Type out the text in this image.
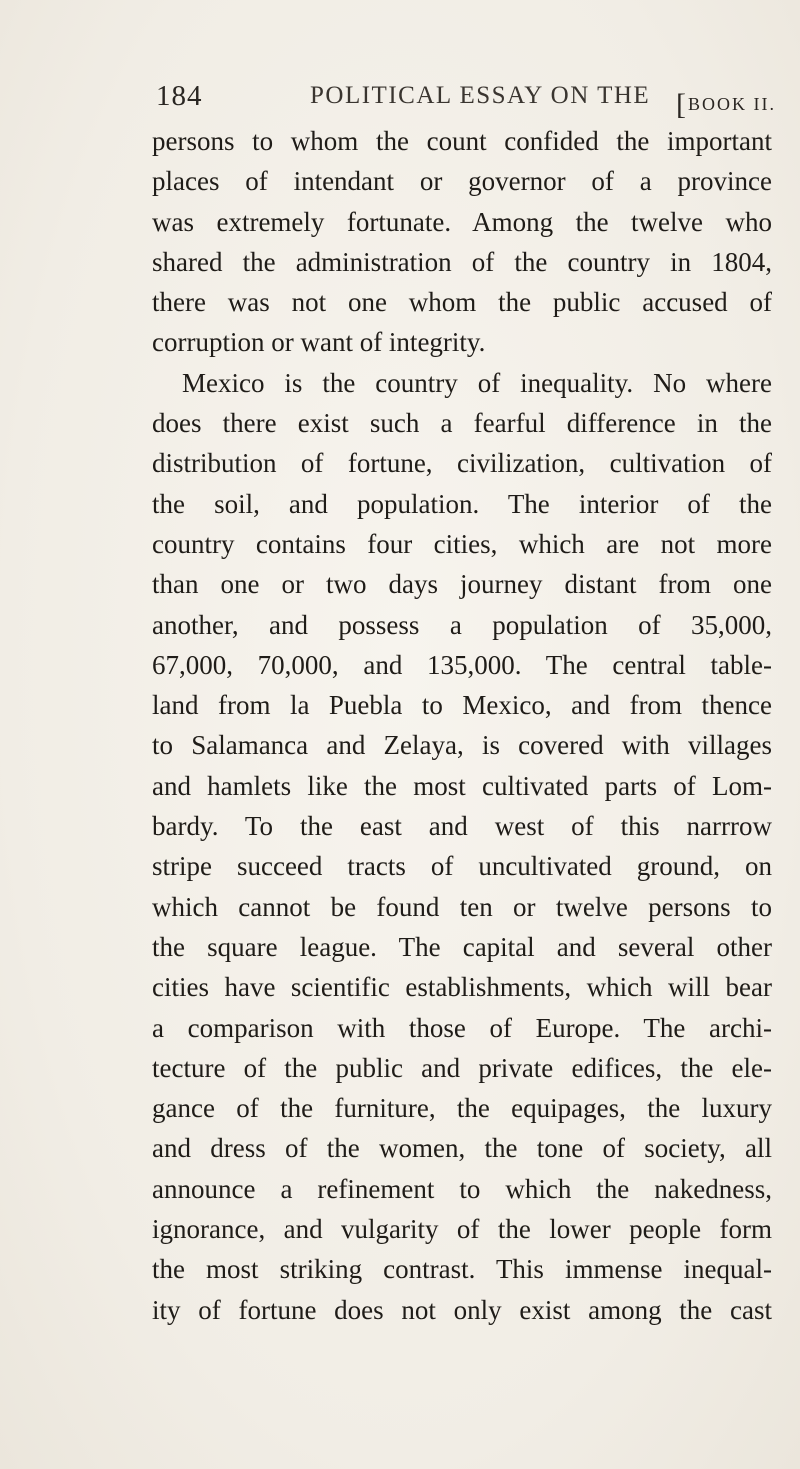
184	POLITICAL ESSAY ON THE [BOOK II.
persons to whom the count confided the important
places of intendant or governor of a province
was extremely fortunate. Among the twelve who
shared the administration of the country in 1804,
there was not one whom the public accused of
corruption or want of integrity.
Mexico is the country of inequality. No where
does there exist such a fearful difference in the
distribution of fortune, civilization, cultivation of
the soil, and population. The interior of the
country contains four cities, which are not more
than one or two days journey distant from one
another, and possess a population of 35,000,
67,000, 70,000, and 135,000. The central table-
land from la Puebla to Mexico, and from thence
to Salamanca and Zelaya, is covered with villages
and hamlets like the most cultivated parts of Lom-
bardy. To the east and west of this narrrow
stripe succeed tracts of uncultivated ground, on
which cannot be found ten or twelve persons to
the square league. The capital and several other
cities have scientific establishments, which will bear
a comparison with those of Europe. The archi-
tecture of the public and private edifices, the ele-
gance of the furniture, the equipages, the luxury
and dress of the women, the tone of society, all
announce a refinement to which the nakedness,
ignorance, and vulgarity of the lower people form
the most striking contrast. This immense inequal-
ity of fortune does not only exist among the cast
